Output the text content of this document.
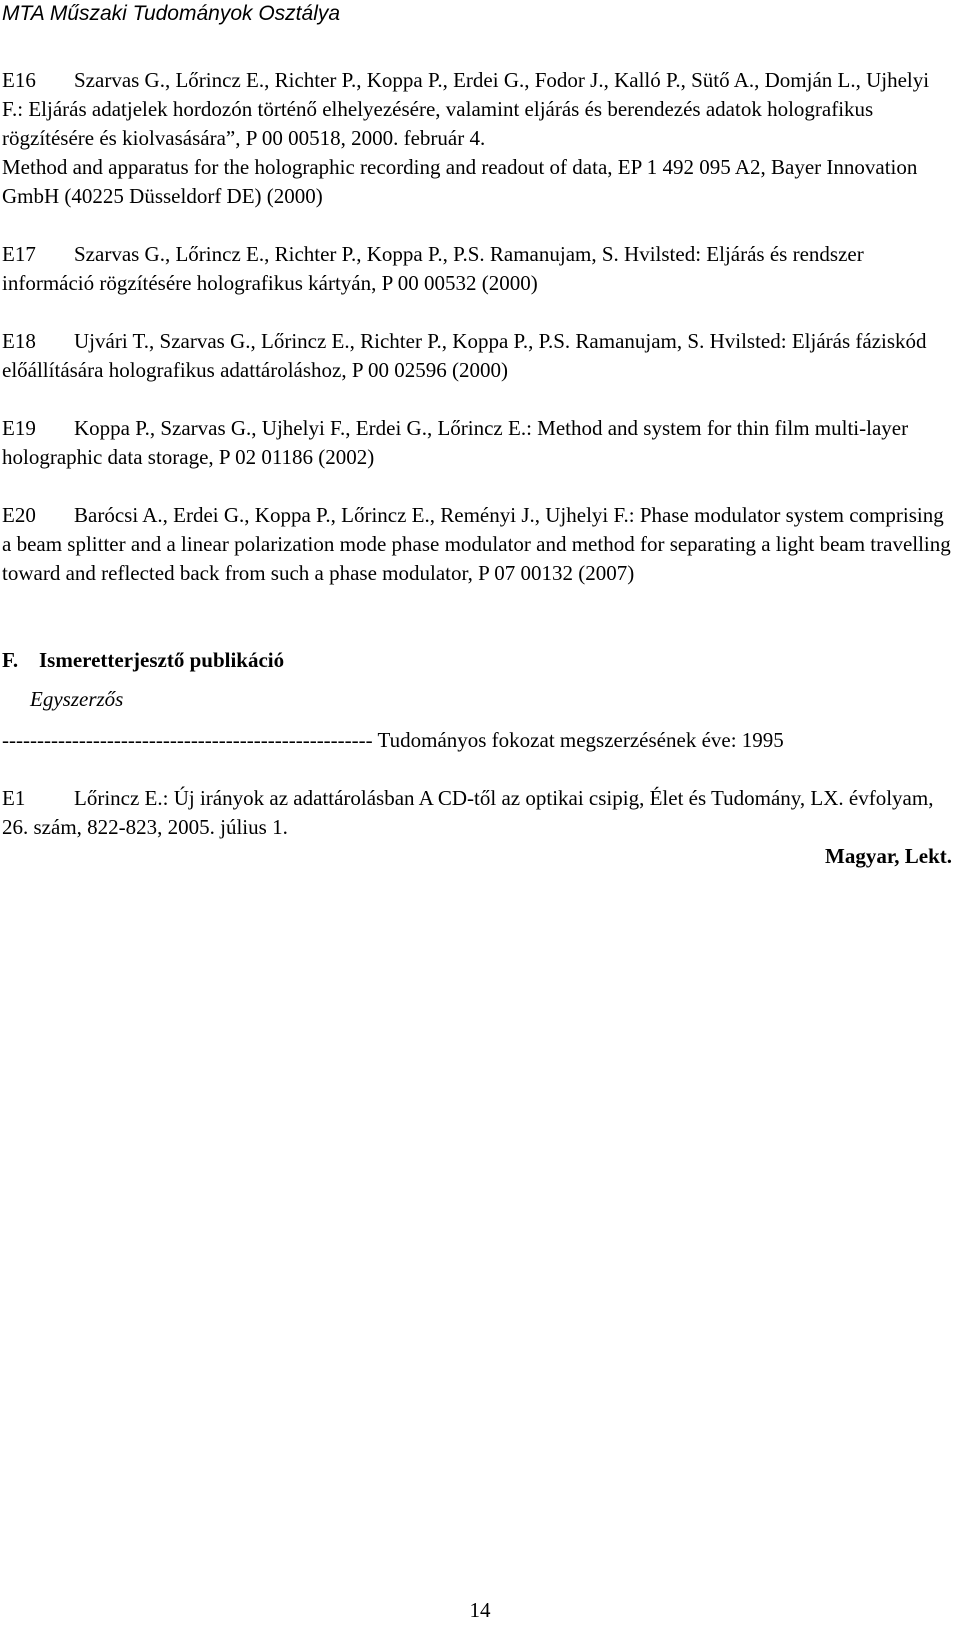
MTA Műszaki Tudományok Osztálya

E16 Szarvas G., Lőrincz E., Richter P., Koppa P., Erdei G., Fodor J., Kalló P., Sütő A., Domján L., Ujhelyi F.: Eljárás adatjelek hordozón történő elhelyezésére, valamint eljárás és berendezés adatok holografikus rögzítésére és kiolvasására”, P 00 00518, 2000. február 4.
Method and apparatus for the holographic recording and readout of data, EP 1 492 095 A2, Bayer Innovation GmbH (40225 Düsseldorf DE) (2000)

E17 Szarvas G., Lőrincz E., Richter P., Koppa P., P.S. Ramanujam, S. Hvilsted: Eljárás és rendszer információ rögzítésére holografikus kártyán, P 00 00532 (2000)

E18 Ujvári T., Szarvas G., Lőrincz E., Richter P., Koppa P., P.S. Ramanujam, S. Hvilsted: Eljárás fáziskód előállítására holografikus adattároláshoz, P 00 02596 (2000)

E19 Koppa P., Szarvas G., Ujhelyi F., Erdei G., Lőrincz E.: Method and system for thin film multi-layer holographic data storage, P 02 01186 (2002)

E20 Barócsi A., Erdei G., Koppa P., Lőrincz E., Reményi J., Ujhelyi F.: Phase modulator system comprising a beam splitter and a linear polarization mode phase modulator and method for separating a light beam travelling toward and reflected back from such a phase modulator, P 07 00132 (2007)

F. Ismeretterjesztő publikáció

Egyszerzős

----------------------------------------------------- Tudományos fokozat megszerzésének éve: 1995

E1 Lőrincz E.: Új irányok az adattárolásban A CD-től az optikai csipig, Élet és Tudomány, LX. évfolyam, 26. szám, 822-823, 2005. július 1.

Magyar, Lekt.

14
